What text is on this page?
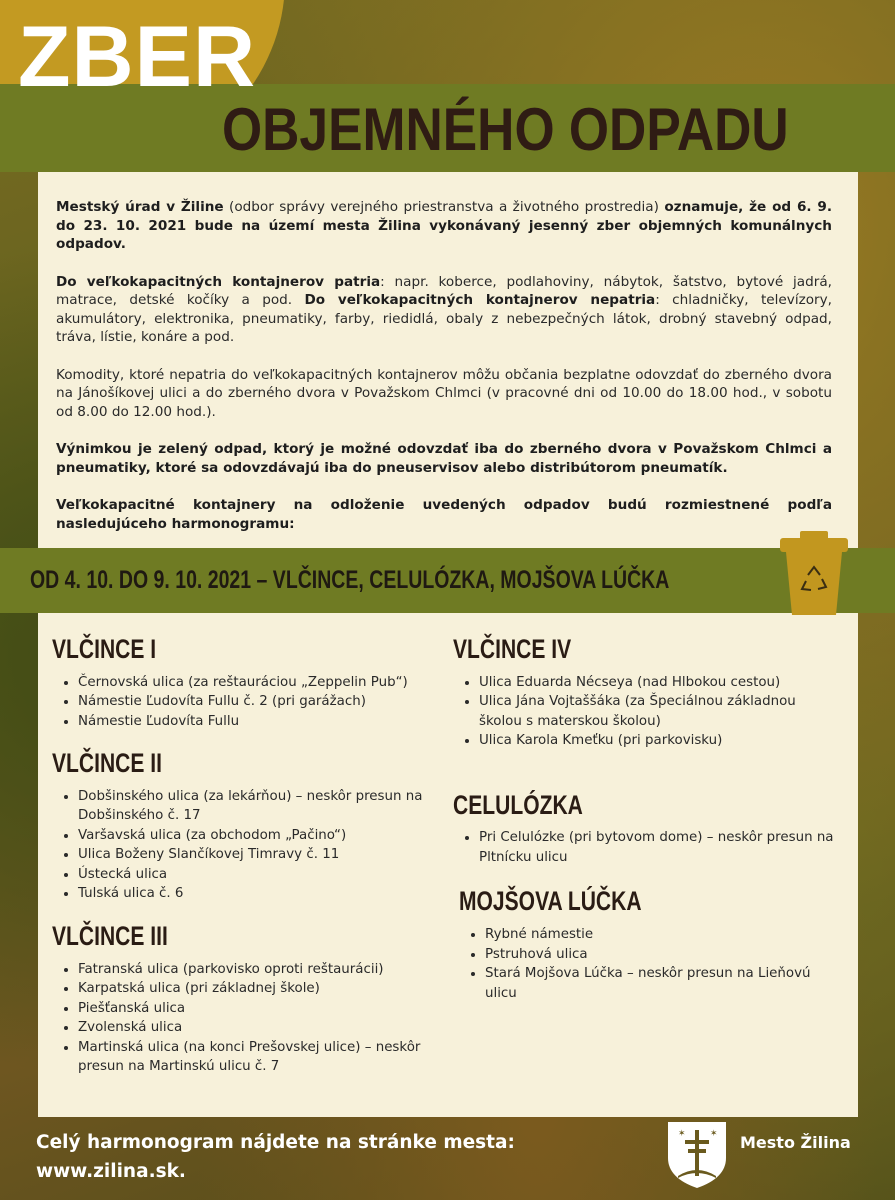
ZBER
OBJEMNÉHO ODPADU

Mestský úrad v Žiline (odbor správy verejného priestranstva a životného prostredia) oznamuje, že od 6. 9. do 23. 10. 2021 bude na území mesta Žilina vykonávaný jesenný zber objemných komunálnych odpadov.

Do veľkokapacitných kontajnerov patria: napr. koberce, podlahoviny, nábytok, šatstvo, bytové jadrá, matrace, detské kočíky a pod. Do veľkokapacitných kontajnerov nepatria: chladničky, televízory, akumulátory, elektronika, pneumatiky, farby, riedidlá, obaly z nebezpečných látok, drobný stavebný odpad, tráva, lístie, konáre a pod.

Komodity, ktoré nepatria do veľkokapacitných kontajnerov môžu občania bezplatne odovzdať do zberného dvora na Jánošíkovej ulici a do zberného dvora v Považskom Chlmci (v pracovné dni od 10.00 do 18.00 hod., v sobotu od 8.00 do 12.00 hod.).

Výnimkou je zelený odpad, ktorý je možné odovzdať iba do zberného dvora v Považskom Chlmci a pneumatiky, ktoré sa odovzdávajú iba do pneuservisov alebo distribútorom pneumatík.

Veľkokapacitné kontajnery na odloženie uvedených odpadov budú rozmiestnené podľa nasledujúceho harmonogramu:

OD 4. 10. DO 9. 10. 2021 – VLČINCE, CELULÓZKA, MOJŠOVA LÚČKA
VLČINCE I
• Černovská ulica (za reštauráciou „Zeppelin Pub“)
• Námestie Ľudovíta Fullu č. 2 (pri garážach)
• Námestie Ľudovíta Fullu
VLČINCE II
• Dobšinského ulica (za lekárňou) – neskôr presun na Dobšinského č. 17
• Varšavská ulica (za obchodom „Pačino“)
• Ulica Boženy Slančíkovej Timravy č. 11
• Ústecká ulica
• Tulská ulica č. 6
VLČINCE III
• Fatranská ulica (parkovisko oproti reštaurácii)
• Karpatská ulica (pri základnej škole)
• Piešťanská ulica
• Zvolenská ulica
• Martinská ulica (na konci Prešovskej ulice) – neskôr presun na Martinskú ulicu č. 7
VLČINCE IV
• Ulica Eduarda Nécseya (nad Hlbokou cestou)
• Ulica Jána Vojtaššáka (za Špeciálnou základnou školou s materskou školou)
• Ulica Karola Kmeťku (pri parkovisku)
CELULÓZKA
• Pri Celulózke (pri bytovom dome) – neskôr presun na Pltnícku ulicu
MOJŠOVA LÚČKA
• Rybné námestie
• Pstruhová ulica
• Stará Mojšova Lúčka – neskôr presun na Lieňovú ulicu

Celý harmonogram nájdete na stránke mesta:
www.zilina.sk.

✶	✶ Mesto Žilina
